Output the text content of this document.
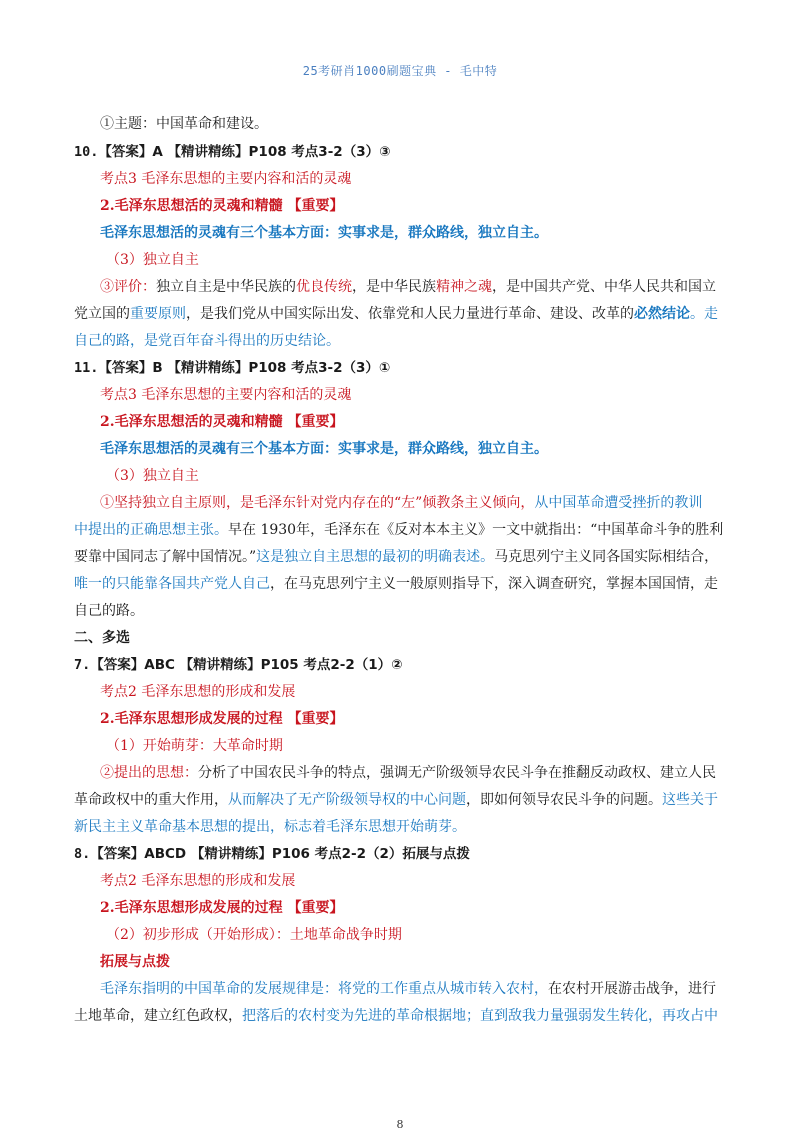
25考研肖1000刷题宝典 - 毛中特
①主题：中国革命和建设。
10.【答案】A 【精讲精练】P108 考点3-2（3）③
考点3 毛泽东思想的主要内容和活的灵魂
2.毛泽东思想活的灵魂和精髓 【重要】
毛泽东思想活的灵魂有三个基本方面：实事求是，群众路线，独立自主。
（3）独立自主
③评价：独立自主是中华民族的优良传统，是中华民族精神之魂，是中国共产党、中华人民共和国立
党立国的重要原则，是我们党从中国实际出发、依靠党和人民力量进行革命、建设、改革的必然结论。走
自己的路，是党百年奋斗得出的历史结论。
11.【答案】B 【精讲精练】P108 考点3-2（3）①
考点3 毛泽东思想的主要内容和活的灵魂
2.毛泽东思想活的灵魂和精髓 【重要】
毛泽东思想活的灵魂有三个基本方面：实事求是，群众路线，独立自主。
（3）独立自主
①坚持独立自主原则，是毛泽东针对党内存在的“左”倾教条主义倾向，从中国革命遭受挫折的教训
中提出的正确思想主张。早在 1930年，毛泽东在《反对本本主义》一文中就指出：“中国革命斗争的胜利
要靠中国同志了解中国情况。”这是独立自主思想的最初的明确表述。马克思列宁主义同各国实际相结合，
唯一的只能靠各国共产党人自己，在马克思列宁主义一般原则指导下，深入调查研究，掌握本国国情，走
自己的路。
二、多选
7.【答案】ABC 【精讲精练】P105 考点2-2（1）②
考点2 毛泽东思想的形成和发展
2.毛泽东思想形成发展的过程 【重要】
（1）开始萌芽：大革命时期
②提出的思想：分析了中国农民斗争的特点，强调无产阶级领导农民斗争在推翻反动政权、建立人民
革命政权中的重大作用，从而解决了无产阶级领导权的中心问题，即如何领导农民斗争的问题。这些关于
新民主主义革命基本思想的提出，标志着毛泽东思想开始萌芽。
8.【答案】ABCD 【精讲精练】P106 考点2-2（2）拓展与点拨
考点2 毛泽东思想的形成和发展
2.毛泽东思想形成发展的过程 【重要】
（2）初步形成（开始形成）：土地革命战争时期
拓展与点拨
毛泽东指明的中国革命的发展规律是：将党的工作重点从城市转入农村，在农村开展游击战争，进行
土地革命，建立红色政权，把落后的农村变为先进的革命根据地；直到敌我力量强弱发生转化，再攻占中
8
